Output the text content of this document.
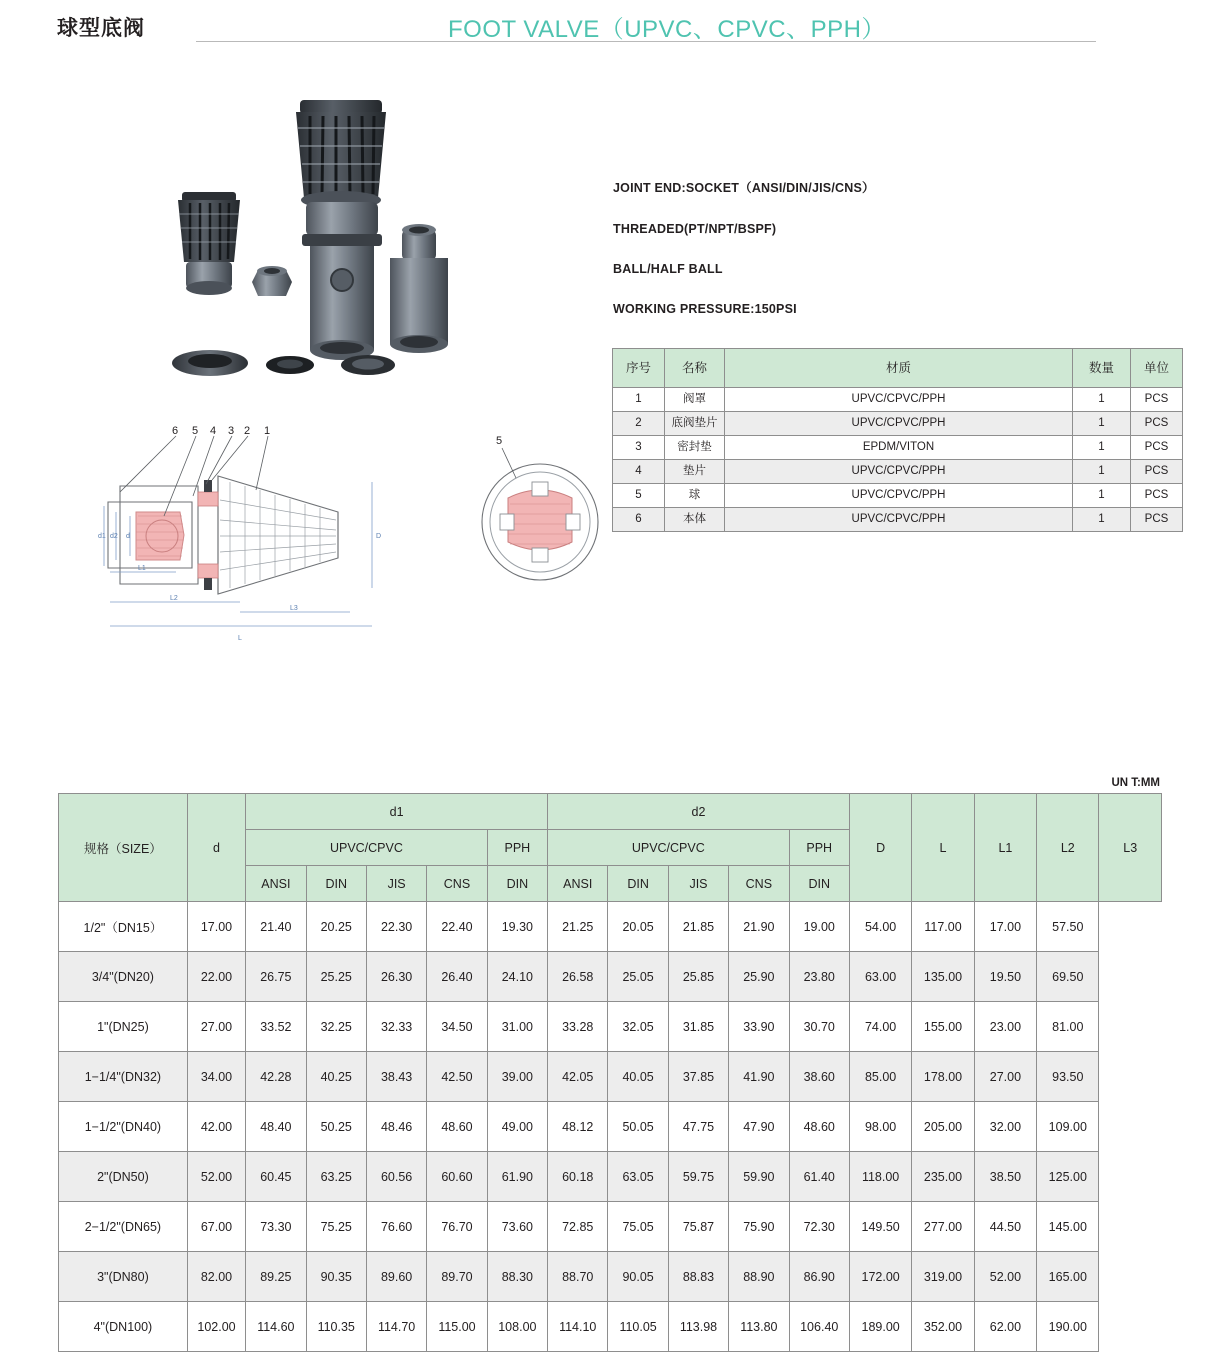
球型底阀	FOOT VALVE（UPVC、CPVC、PPH）
d1 d2 d	D
L1
L2
L3
L
6 5 4 3 2 1
5
JOINT END:SOCKET（ANSI/DIN/JIS/CNS）
THREADED(PT/NPT/BSPF)
BALL/HALF BALL
WORKING PRESSURE:150PSI
序号	名称	材质	数量	单位
1	阀罩	UPVC/CPVC/PPH	1	PCS
2	底阀垫片	UPVC/CPVC/PPH	1	PCS
3	密封垫	EPDM/VITON	1	PCS
4	垫片	UPVC/CPVC/PPH	1	PCS
5	球	UPVC/CPVC/PPH	1	PCS
6	本体	UPVC/CPVC/PPH	1	PCS
UN T:MM
规格（SIZE）	d	d1					d2					D	L	L1	L2	L3
		UPVC/CPVC				PPH	UPVC/CPVC				PPH					
		ANSI	DIN	JIS	CNS	DIN	ANSI	DIN	JIS	CNS	DIN					
1/2"（DN15）	17.00	21.40	20.25	22.30	22.40	19.30	21.25	20.05	21.85	21.90	19.00	54.00	117.00	17.00	57.50	
3/4"(DN20)	22.00	26.75	25.25	26.30	26.40	24.10	26.58	25.05	25.85	25.90	23.80	63.00	135.00	19.50	69.50	
1"(DN25)	27.00	33.52	32.25	32.33	34.50	31.00	33.28	32.05	31.85	33.90	30.70	74.00	155.00	23.00	81.00	
1−1/4"(DN32)	34.00	42.28	40.25	38.43	42.50	39.00	42.05	40.05	37.85	41.90	38.60	85.00	178.00	27.00	93.50	
1−1/2"(DN40)	42.00	48.40	50.25	48.46	48.60	49.00	48.12	50.05	47.75	47.90	48.60	98.00	205.00	32.00	109.00	
2"(DN50)	52.00	60.45	63.25	60.56	60.60	61.90	60.18	63.05	59.75	59.90	61.40	118.00	235.00	38.50	125.00	
2−1/2"(DN65)	67.00	73.30	75.25	76.60	76.70	73.60	72.85	75.05	75.87	75.90	72.30	149.50	277.00	44.50	145.00	
3"(DN80)	82.00	89.25	90.35	89.60	89.70	88.30	88.70	90.05	88.83	88.90	86.90	172.00	319.00	52.00	165.00	
4"(DN100)	102.00	114.60	110.35	114.70	115.00	108.00	114.10	110.05	113.98	113.80	106.40	189.00	352.00	62.00	190.00	
